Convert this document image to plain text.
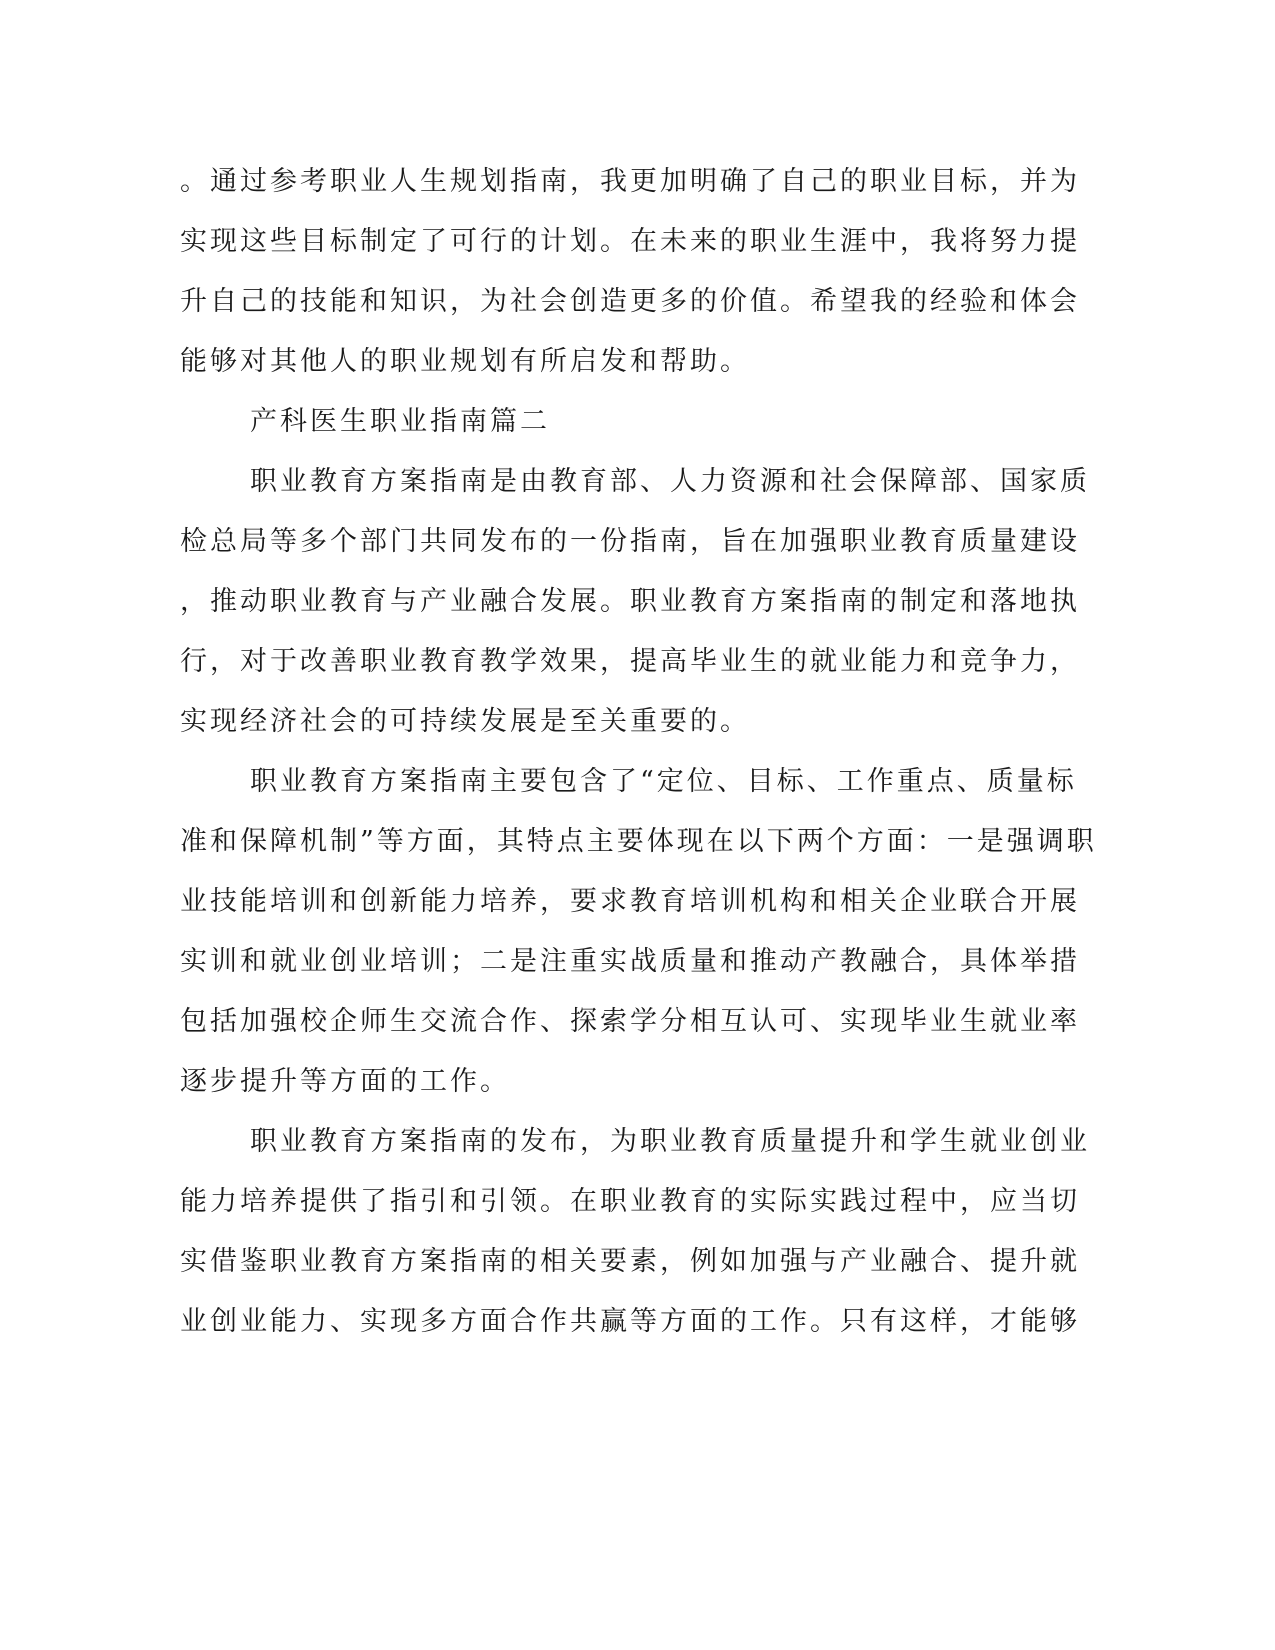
。通过参考职业人生规划指南，我更加明确了自己的职业目标，并为
实现这些目标制定了可行的计划。在未来的职业生涯中，我将努力提
升自己的技能和知识，为社会创造更多的价值。希望我的经验和体会
能够对其他人的职业规划有所启发和帮助。
产科医生职业指南篇二
职业教育方案指南是由教育部、人力资源和社会保障部、国家质
检总局等多个部门共同发布的一份指南，旨在加强职业教育质量建设
，推动职业教育与产业融合发展。职业教育方案指南的制定和落地执
行，对于改善职业教育教学效果，提高毕业生的就业能力和竞争力，
实现经济社会的可持续发展是至关重要的。
职业教育方案指南主要包含了“定位、目标、工作重点、质量标
准和保障机制”等方面，其特点主要体现在以下两个方面：一是强调职
业技能培训和创新能力培养，要求教育培训机构和相关企业联合开展
实训和就业创业培训；二是注重实战质量和推动产教融合，具体举措
包括加强校企师生交流合作、探索学分相互认可、实现毕业生就业率
逐步提升等方面的工作。
职业教育方案指南的发布，为职业教育质量提升和学生就业创业
能力培养提供了指引和引领。在职业教育的实际实践过程中，应当切
实借鉴职业教育方案指南的相关要素，例如加强与产业融合、提升就
业创业能力、实现多方面合作共赢等方面的工作。只有这样，才能够
